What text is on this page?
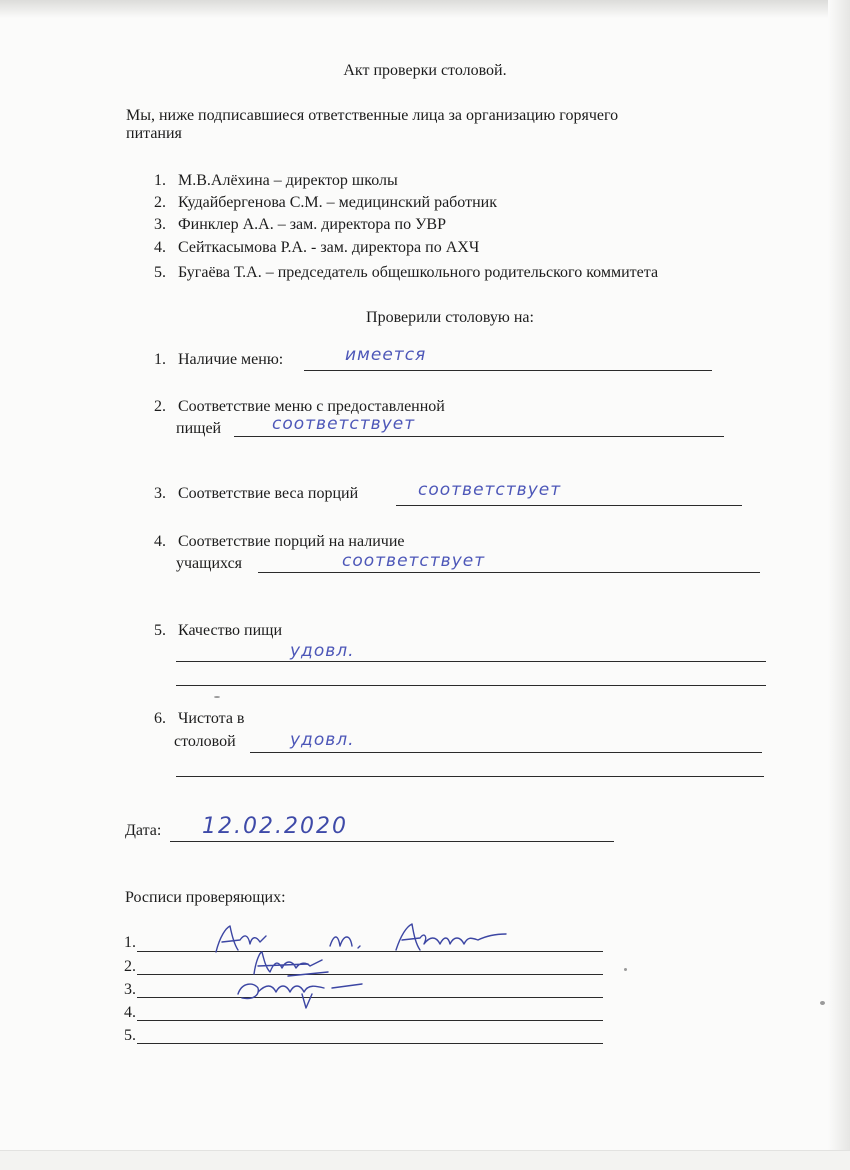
Акт проверки столовой.
Мы, ниже подписавшиеся ответственные лица за организацию горячего
питания
1. М.В.Алёхина – директор школы
2. Кудайбергенова С.М. – медицинский работник
3. Финклер А.А. – зам. директора по УВР
4. Сейткасымова Р.А. - зам. директора по АХЧ
5. Бугаёва Т.А. – председатель общешкольного родительского коммитета
Проверили столовую на:
1. Наличие меню:	имеется
2. Соответствие меню с предоставленной
пищей	соответствует
3. Соответствие веса порций	соответствует
4. Соответствие порций на наличие
учащихся	соответствует
5. Качество пищи
удовл.
6. Чистота в
столовой	удовл.
Дата: 12.02.2020
Росписи проверяющих:
1.
2.
3.
4.
5.
